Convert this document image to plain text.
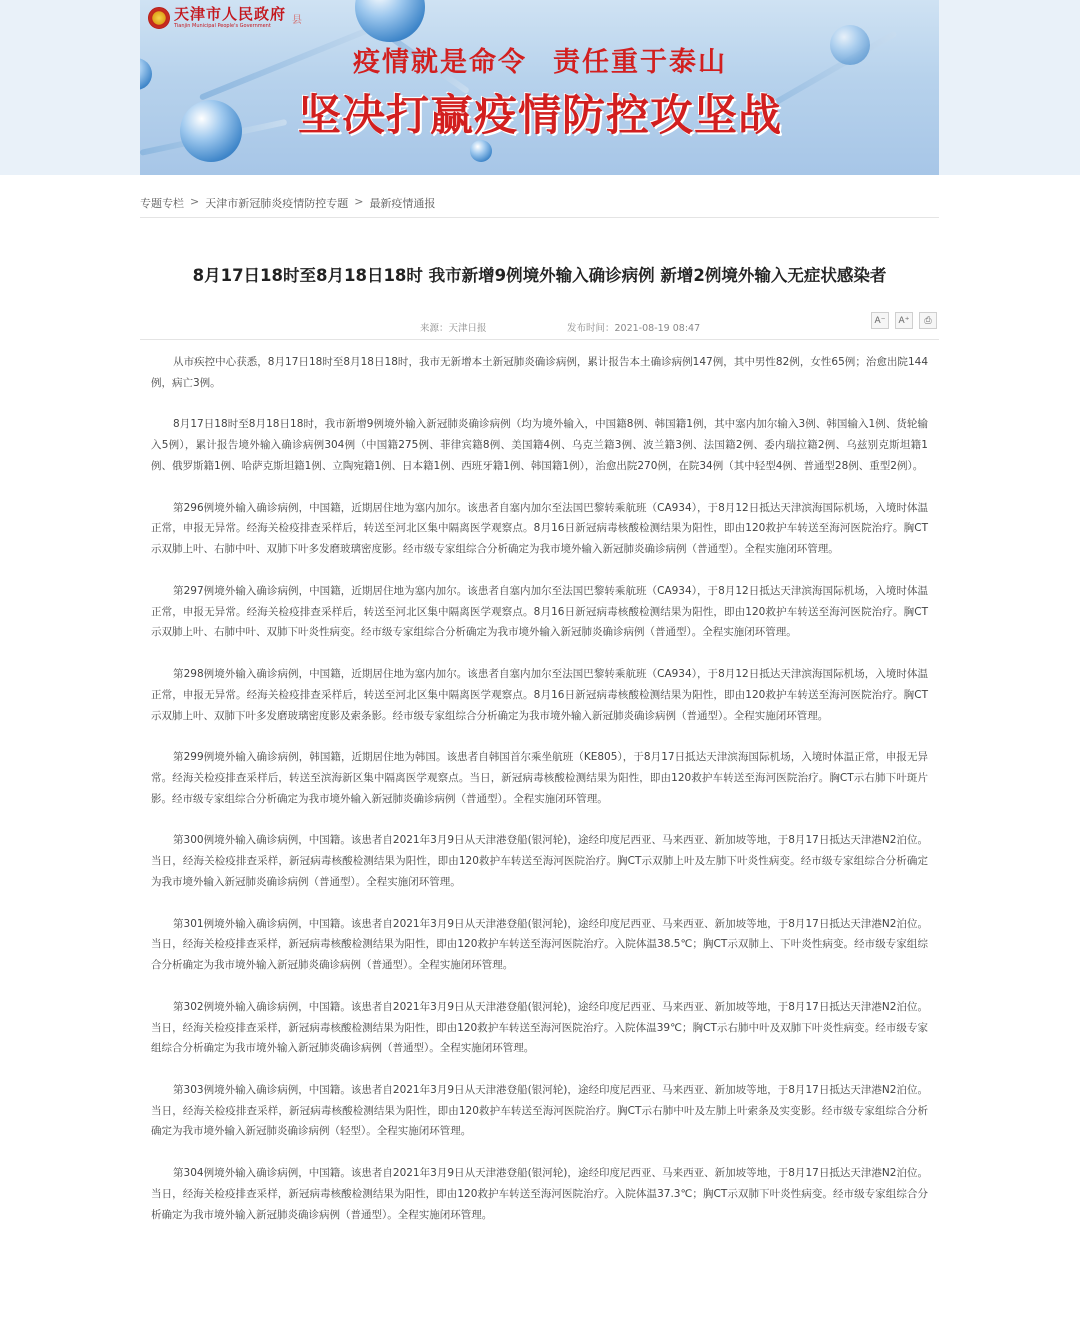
天津市人民政府
Tianjin Municipal People's Government
县
疫情就是命令 责任重于泰山
坚决打赢疫情防控攻坚战
专题专栏 > 天津市新冠肺炎疫情防控专题 > 最新疫情通报
8月17日18时至8月18日18时 我市新增9例境外输入确诊病例 新增2例境外输入无症状感染者
来源：天津日报	发布时间：2021-08-19 08:47
A⁻	A⁺	⎙

从市疾控中心获悉，8月17日18时至8月18日18时，我市无新增本土新冠肺炎确诊病例，累计报告本土确诊病例147例，其中男性82例，女性65例；治愈出院144例，病亡3例。

8月17日18时至8月18日18时，我市新增9例境外输入新冠肺炎确诊病例（均为境外输入，中国籍8例、韩国籍1例，其中塞内加尔输入3例、韩国输入1例、货轮输入5例），累计报告境外输入确诊病例304例（中国籍275例、菲律宾籍8例、美国籍4例、乌克兰籍3例、波兰籍3例、法国籍2例、委内瑞拉籍2例、乌兹别克斯坦籍1例、俄罗斯籍1例、哈萨克斯坦籍1例、立陶宛籍1例、日本籍1例、西班牙籍1例、韩国籍1例），治愈出院270例，在院34例（其中轻型4例、普通型28例、重型2例）。

第296例境外输入确诊病例，中国籍，近期居住地为塞内加尔。该患者自塞内加尔至法国巴黎转乘航班（CA934），于8月12日抵达天津滨海国际机场，入境时体温正常，申报无异常。经海关检疫排查采样后，转送至河北区集中隔离医学观察点。8月16日新冠病毒核酸检测结果为阳性，即由120救护车转送至海河医院治疗。胸CT示双肺上叶、右肺中叶、双肺下叶多发磨玻璃密度影。经市级专家组综合分析确定为我市境外输入新冠肺炎确诊病例（普通型）。全程实施闭环管理。

第297例境外输入确诊病例，中国籍，近期居住地为塞内加尔。该患者自塞内加尔至法国巴黎转乘航班（CA934），于8月12日抵达天津滨海国际机场，入境时体温正常，申报无异常。经海关检疫排查采样后，转送至河北区集中隔离医学观察点。8月16日新冠病毒核酸检测结果为阳性，即由120救护车转送至海河医院治疗。胸CT示双肺上叶、右肺中叶、双肺下叶炎性病变。经市级专家组综合分析确定为我市境外输入新冠肺炎确诊病例（普通型）。全程实施闭环管理。

第298例境外输入确诊病例，中国籍，近期居住地为塞内加尔。该患者自塞内加尔至法国巴黎转乘航班（CA934），于8月12日抵达天津滨海国际机场，入境时体温正常，申报无异常。经海关检疫排查采样后，转送至河北区集中隔离医学观察点。8月16日新冠病毒核酸检测结果为阳性，即由120救护车转送至海河医院治疗。胸CT示双肺上叶、双肺下叶多发磨玻璃密度影及索条影。经市级专家组综合分析确定为我市境外输入新冠肺炎确诊病例（普通型）。全程实施闭环管理。

第299例境外输入确诊病例，韩国籍，近期居住地为韩国。该患者自韩国首尔乘坐航班（KE805），于8月17日抵达天津滨海国际机场，入境时体温正常，申报无异常。经海关检疫排查采样后，转送至滨海新区集中隔离医学观察点。当日，新冠病毒核酸检测结果为阳性，即由120救护车转送至海河医院治疗。胸CT示右肺下叶斑片影。经市级专家组综合分析确定为我市境外输入新冠肺炎确诊病例（普通型）。全程实施闭环管理。

第300例境外输入确诊病例，中国籍。该患者自2021年3月9日从天津港登船(银河轮)，途经印度尼西亚、马来西亚、新加坡等地，于8月17日抵达天津港N2泊位。当日，经海关检疫排查采样，新冠病毒核酸检测结果为阳性，即由120救护车转送至海河医院治疗。胸CT示双肺上叶及左肺下叶炎性病变。经市级专家组综合分析确定为我市境外输入新冠肺炎确诊病例（普通型）。全程实施闭环管理。

第301例境外输入确诊病例，中国籍。该患者自2021年3月9日从天津港登船(银河轮)，途经印度尼西亚、马来西亚、新加坡等地，于8月17日抵达天津港N2泊位。当日，经海关检疫排查采样，新冠病毒核酸检测结果为阳性，即由120救护车转送至海河医院治疗。入院体温38.5℃；胸CT示双肺上、下叶炎性病变。经市级专家组综合分析确定为我市境外输入新冠肺炎确诊病例（普通型）。全程实施闭环管理。

第302例境外输入确诊病例，中国籍。该患者自2021年3月9日从天津港登船(银河轮)，途经印度尼西亚、马来西亚、新加坡等地，于8月17日抵达天津港N2泊位。当日，经海关检疫排查采样，新冠病毒核酸检测结果为阳性，即由120救护车转送至海河医院治疗。入院体温39℃；胸CT示右肺中叶及双肺下叶炎性病变。经市级专家组综合分析确定为我市境外输入新冠肺炎确诊病例（普通型）。全程实施闭环管理。

第303例境外输入确诊病例，中国籍。该患者自2021年3月9日从天津港登船(银河轮)，途经印度尼西亚、马来西亚、新加坡等地，于8月17日抵达天津港N2泊位。当日，经海关检疫排查采样，新冠病毒核酸检测结果为阳性，即由120救护车转送至海河医院治疗。胸CT示右肺中叶及左肺上叶索条及实变影。经市级专家组综合分析确定为我市境外输入新冠肺炎确诊病例（轻型）。全程实施闭环管理。

第304例境外输入确诊病例，中国籍。该患者自2021年3月9日从天津港登船(银河轮)，途经印度尼西亚、马来西亚、新加坡等地，于8月17日抵达天津港N2泊位。当日，经海关检疫排查采样，新冠病毒核酸检测结果为阳性，即由120救护车转送至海河医院治疗。入院体温37.3℃；胸CT示双肺下叶炎性病变。经市级专家组综合分析确定为我市境外输入新冠肺炎确诊病例（普通型）。全程实施闭环管理。
